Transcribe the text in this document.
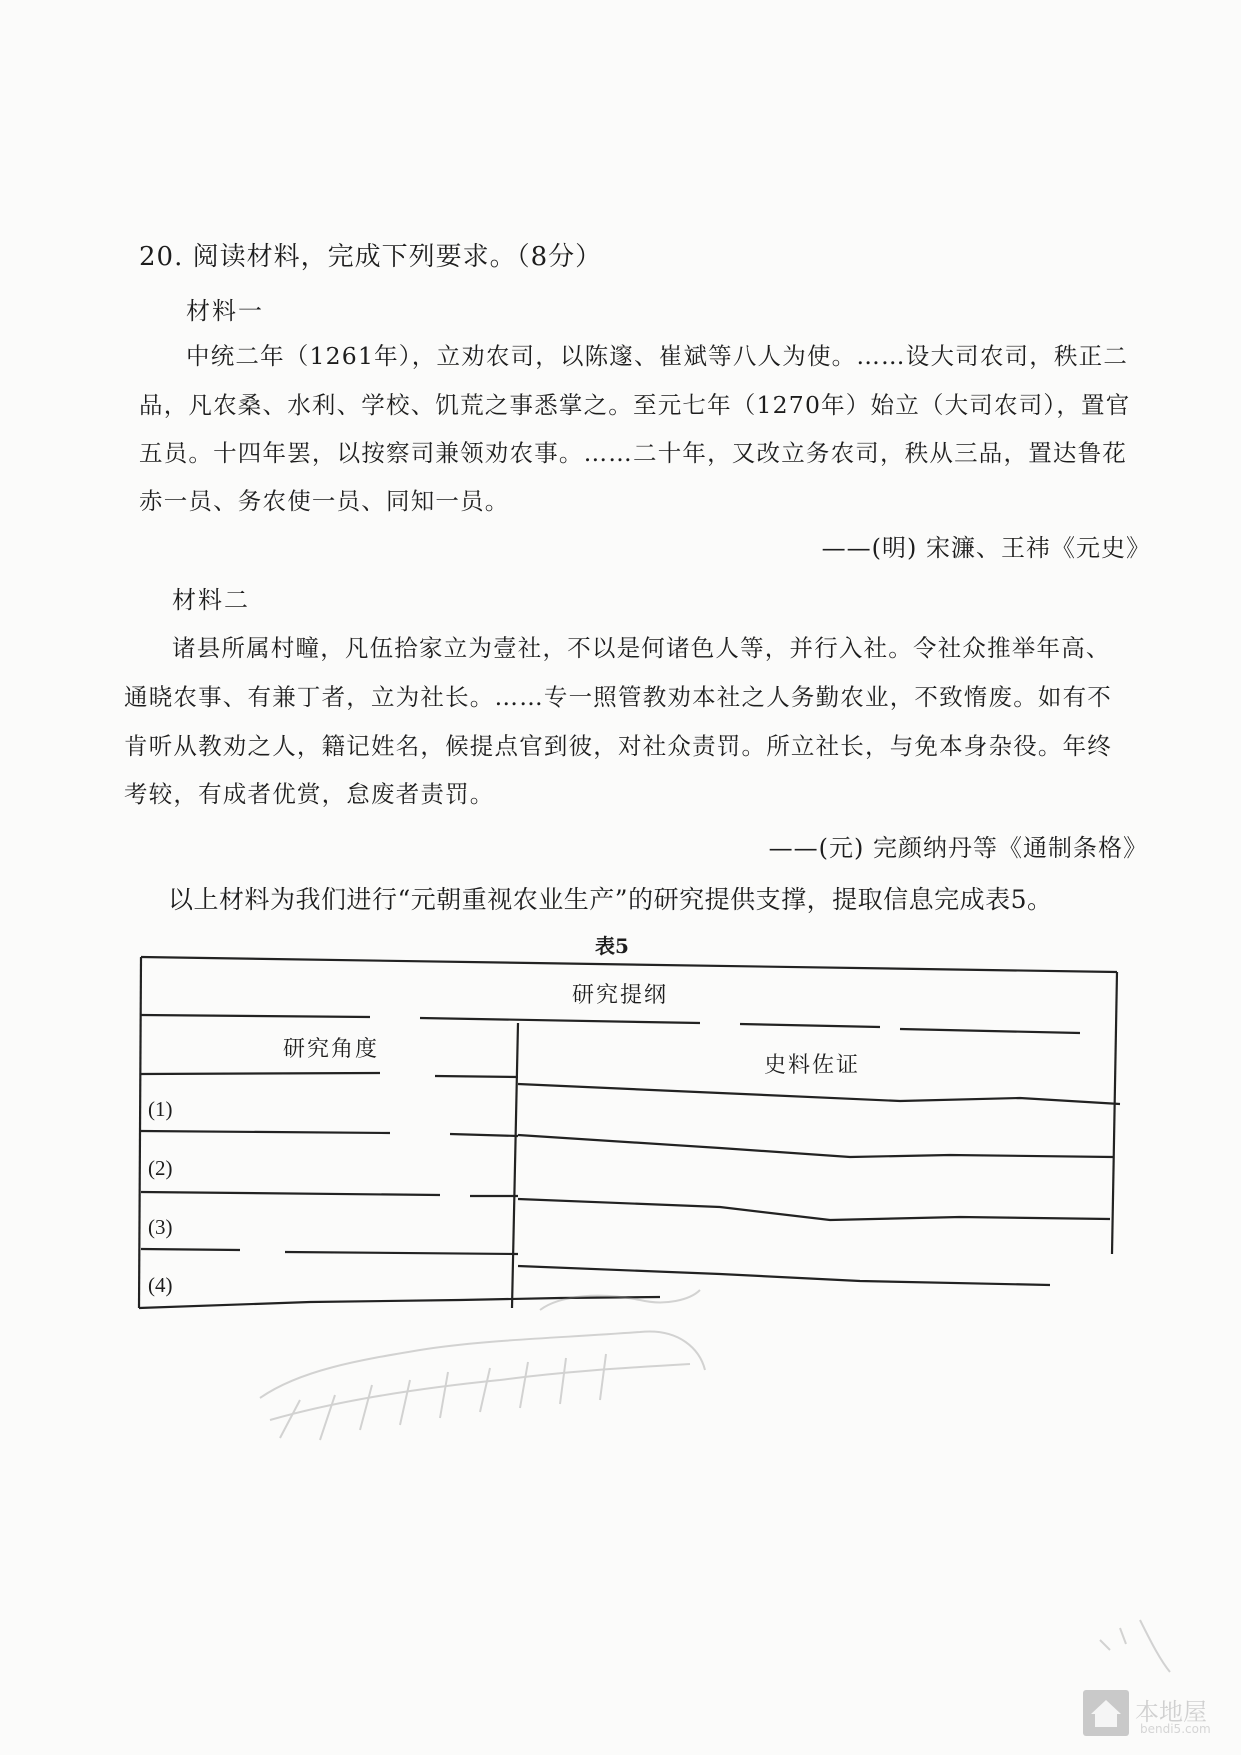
20. 阅读材料，完成下列要求。（8分）
材料一
中统二年（1261年），立劝农司，以陈邃、崔斌等八人为使。……设大司农司，秩正二
品，凡农桑、水利、学校、饥荒之事悉掌之。至元七年（1270年）始立（大司农司），置官
五员。十四年罢，以按察司兼领劝农事。……二十年，又改立务农司，秩从三品，置达鲁花
赤一员、务农使一员、同知一员。
——(明) 宋濂、王祎《元史》
材料二
诸县所属村疃，凡伍拾家立为壹社，不以是何诸色人等，并行入社。令社众推举年高、
通晓农事、有兼丁者，立为社长。……专一照管教劝本社之人务勤农业，不致惰废。如有不
肯听从教劝之人，籍记姓名，候提点官到彼，对社众责罚。所立社长，与免本身杂役。年终
考较，有成者优赏，怠废者责罚。
——(元) 完颜纳丹等《通制条格》
以上材料为我们进行“元朝重视农业生产”的研究提供支撑，提取信息完成表5。
表5
研究提纲
研究角度
史料佐证
(1)
(2)
(3)
(4)
本地屋
bendi5.com
